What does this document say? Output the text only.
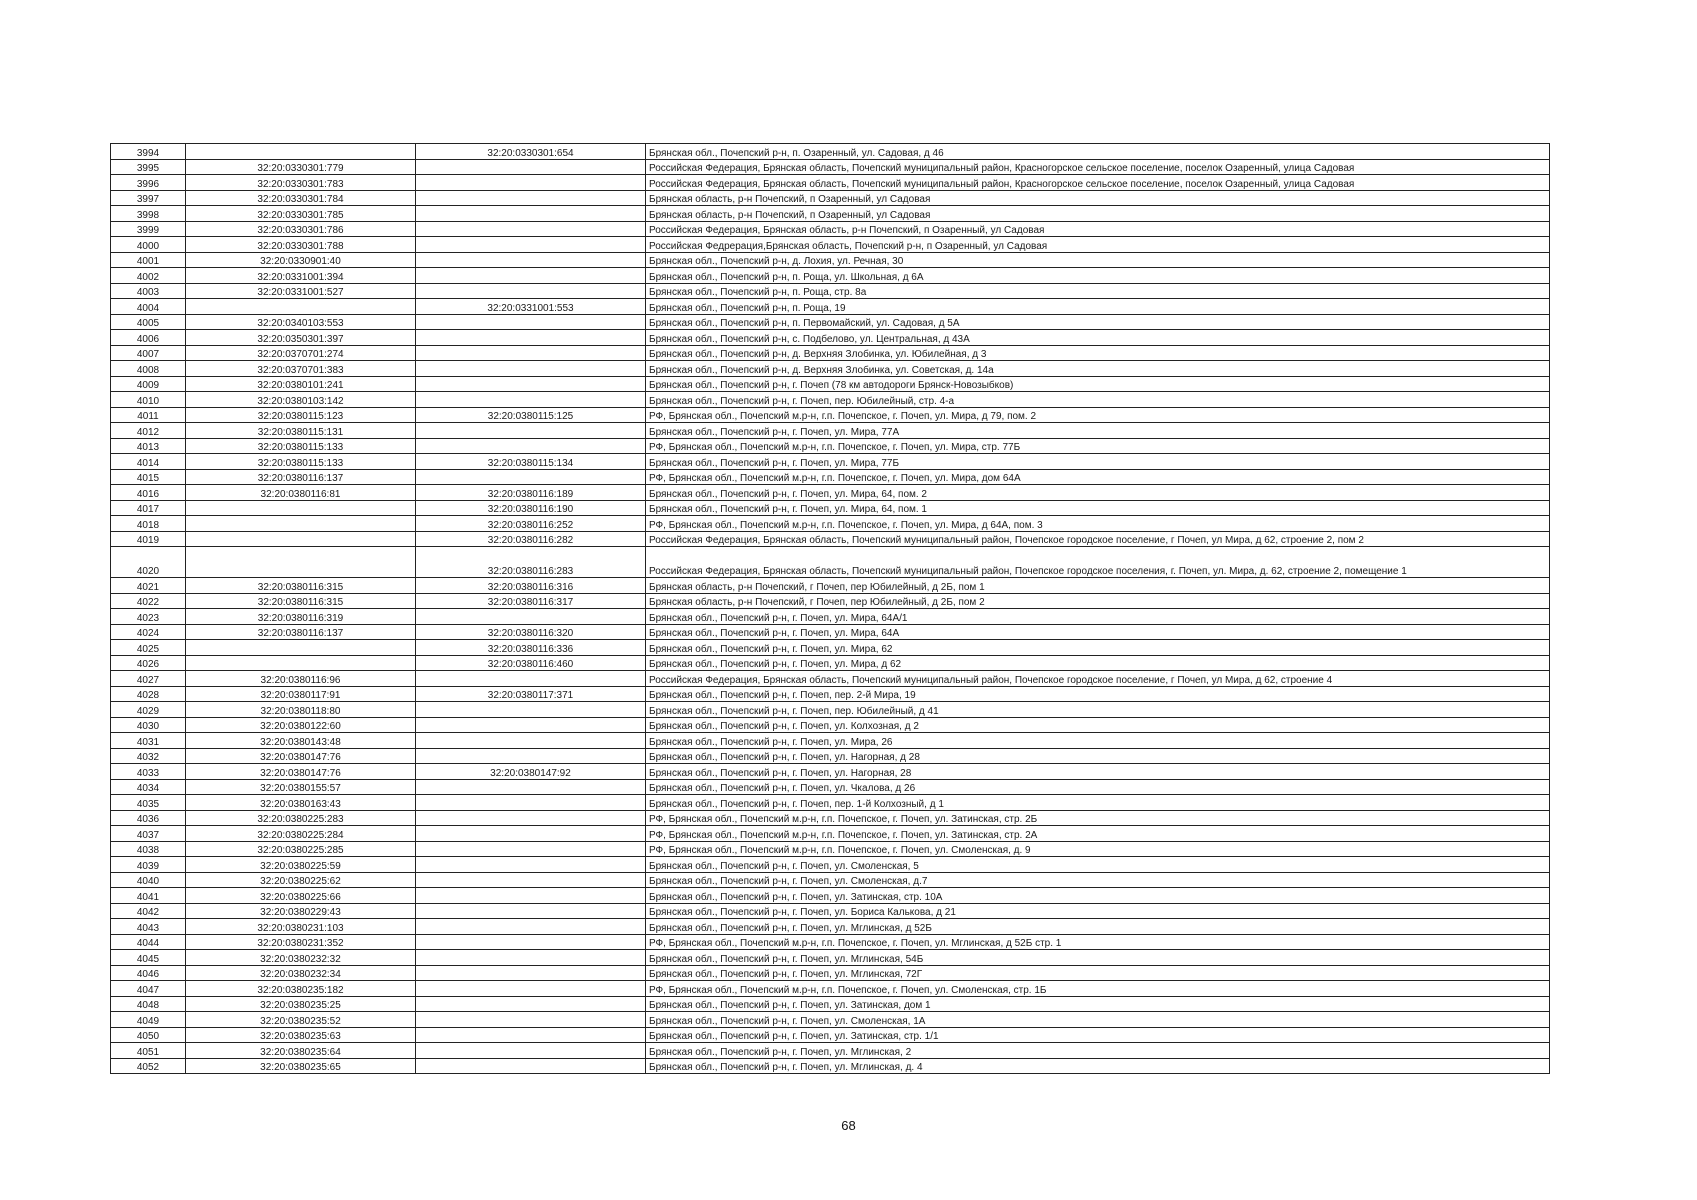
3994		32:20:0330301:654	Брянская обл., Почепский р-н, п. Озаренный, ул. Садовая, д 46
3995	32:20:0330301:779		Российская Федерация, Брянская область, Почепский муниципальный район, Красногорское сельское поселение, поселок Озаренный, улица Садовая
3996	32:20:0330301:783		Российская Федерация, Брянская область, Почепский муниципальный район, Красногорское сельское поселение, поселок Озаренный, улица Садовая
3997	32:20:0330301:784		Брянская область, р-н Почепский, п Озаренный, ул Садовая
3998	32:20:0330301:785		Брянская область, р-н Почепский, п Озаренный, ул Садовая
3999	32:20:0330301:786		Российская Федерация, Брянская область, р-н Почепский, п Озаренный, ул Садовая
4000	32:20:0330301:788		Российская Федрерация,Брянская область, Почепский р-н, п Озаренный, ул Садовая
4001	32:20:0330901:40		Брянская обл., Почепский р-н, д. Лохия, ул. Речная, 30
4002	32:20:0331001:394		Брянская обл., Почепский р-н, п. Роща, ул. Школьная, д 6А
4003	32:20:0331001:527		Брянская обл., Почепский р-н, п. Роща, стр. 8а
4004		32:20:0331001:553	Брянская обл., Почепский р-н, п. Роща, 19
4005	32:20:0340103:553		Брянская обл., Почепский р-н, п. Первомайский, ул. Садовая, д 5А
4006	32:20:0350301:397		Брянская обл., Почепский р-н, с. Подбелово, ул. Центральная, д 43А
4007	32:20:0370701:274		Брянская обл., Почепский р-н, д. Верхняя Злобинка, ул. Юбилейная, д 3
4008	32:20:0370701:383		Брянская обл., Почепский р-н, д. Верхняя Злобинка, ул. Советская, д. 14а
4009	32:20:0380101:241		Брянская обл., Почепский р-н, г. Почеп (78 км автодороги Брянск-Новозыбков)
4010	32:20:0380103:142		Брянская обл., Почепский р-н, г. Почеп, пер. Юбилейный, стр. 4-а
4011	32:20:0380115:123	32:20:0380115:125	РФ, Брянская обл., Почепский м.р-н, г.п. Почепское, г. Почеп, ул. Мира, д 79, пом. 2
4012	32:20:0380115:131		Брянская обл., Почепский р-н, г. Почеп, ул. Мира, 77А
4013	32:20:0380115:133		РФ, Брянская обл., Почепский м.р-н, г.п. Почепское, г. Почеп, ул. Мира, стр. 77Б
4014	32:20:0380115:133	32:20:0380115:134	Брянская обл., Почепский р-н, г. Почеп, ул. Мира, 77Б
4015	32:20:0380116:137		РФ, Брянская обл., Почепский м.р-н, г.п. Почепское, г. Почеп, ул. Мира, дом 64А
4016	32:20:0380116:81	32:20:0380116:189	Брянская обл., Почепский р-н, г. Почеп, ул. Мира, 64, пом. 2
4017		32:20:0380116:190	Брянская обл., Почепский р-н, г. Почеп, ул. Мира, 64, пом. 1
4018		32:20:0380116:252	РФ, Брянская обл., Почепский м.р-н, г.п. Почепское, г. Почеп, ул. Мира, д 64А, пом. 3
4019		32:20:0380116:282	Российская Федерация, Брянская область, Почепский муниципальный район, Почепское городское поселение, г Почеп, ул Мира, д 62, строение 2, пом 2
4020		32:20:0380116:283	Российская Федерация, Брянская область, Почепский муниципальный район, Почепское городское поселения, г. Почеп, ул. Мира, д. 62, строение 2, помещение 1
4021	32:20:0380116:315	32:20:0380116:316	Брянская область, р-н Почепский, г Почеп, пер Юбилейный, д 2Б, пом 1
4022	32:20:0380116:315	32:20:0380116:317	Брянская область, р-н Почепский, г Почеп, пер Юбилейный, д 2Б, пом 2
4023	32:20:0380116:319		Брянская обл., Почепский р-н, г. Почеп, ул. Мира, 64А/1
4024	32:20:0380116:137	32:20:0380116:320	Брянская обл., Почепский р-н, г. Почеп, ул. Мира, 64А
4025		32:20:0380116:336	Брянская обл., Почепский р-н, г. Почеп, ул. Мира, 62
4026		32:20:0380116:460	Брянская обл., Почепский р-н, г. Почеп, ул. Мира, д 62
4027	32:20:0380116:96		Российская Федерация, Брянская область, Почепский муниципальный район, Почепское городское поселение, г Почеп, ул Мира, д 62, строение 4
4028	32:20:0380117:91	32:20:0380117:371	Брянская обл., Почепский р-н, г. Почеп, пер. 2-й Мира, 19
4029	32:20:0380118:80		Брянская обл., Почепский р-н, г. Почеп, пер. Юбилейный, д 41
4030	32:20:0380122:60		Брянская обл., Почепский р-н, г. Почеп, ул. Колхозная, д 2
4031	32:20:0380143:48		Брянская обл., Почепский р-н, г. Почеп, ул. Мира, 26
4032	32:20:0380147:76		Брянская обл., Почепский р-н, г. Почеп, ул. Нагорная, д 28
4033	32:20:0380147:76	32:20:0380147:92	Брянская обл., Почепский р-н, г. Почеп, ул. Нагорная, 28
4034	32:20:0380155:57		Брянская обл., Почепский р-н, г. Почеп, ул. Чкалова, д 26
4035	32:20:0380163:43		Брянская обл., Почепский р-н, г. Почеп, пер. 1-й Колхозный, д 1
4036	32:20:0380225:283		РФ, Брянская обл., Почепский м.р-н, г.п. Почепское, г. Почеп, ул. Затинская, стр. 2Б
4037	32:20:0380225:284		РФ, Брянская обл., Почепский м.р-н, г.п. Почепское, г. Почеп, ул. Затинская, стр. 2А
4038	32:20:0380225:285		РФ, Брянская обл., Почепский м.р-н, г.п. Почепское, г. Почеп, ул. Смоленская, д. 9
4039	32:20:0380225:59		Брянская обл., Почепский р-н, г. Почеп, ул. Смоленская, 5
4040	32:20:0380225:62		Брянская обл., Почепский р-н, г. Почеп, ул. Смоленская, д.7
4041	32:20:0380225:66		Брянская обл., Почепский р-н, г. Почеп, ул. Затинская, стр. 10А
4042	32:20:0380229:43		Брянская обл., Почепский р-н, г. Почеп, ул. Бориса Калькова, д 21
4043	32:20:0380231:103		Брянская обл., Почепский р-н, г. Почеп, ул. Мглинская, д 52Б
4044	32:20:0380231:352		РФ, Брянская обл., Почепский м.р-н, г.п. Почепское, г. Почеп, ул. Мглинская, д 52Б стр. 1
4045	32:20:0380232:32		Брянская обл., Почепский р-н, г. Почеп, ул. Мглинская, 54Б
4046	32:20:0380232:34		Брянская обл., Почепский р-н, г. Почеп, ул. Мглинская, 72Г
4047	32:20:0380235:182		РФ, Брянская обл., Почепский м.р-н, г.п. Почепское, г. Почеп, ул. Смоленская, стр. 1Б
4048	32:20:0380235:25		Брянская обл., Почепский р-н, г. Почеп, ул. Затинская, дом 1
4049	32:20:0380235:52		Брянская обл., Почепский р-н, г. Почеп, ул. Смоленская, 1А
4050	32:20:0380235:63		Брянская обл., Почепский р-н, г. Почеп, ул. Затинская, стр. 1/1
4051	32:20:0380235:64		Брянская обл., Почепский р-н, г. Почеп, ул. Мглинская, 2
4052	32:20:0380235:65		Брянская обл., Почепский р-н, г. Почеп, ул. Мглинская, д. 4
68
